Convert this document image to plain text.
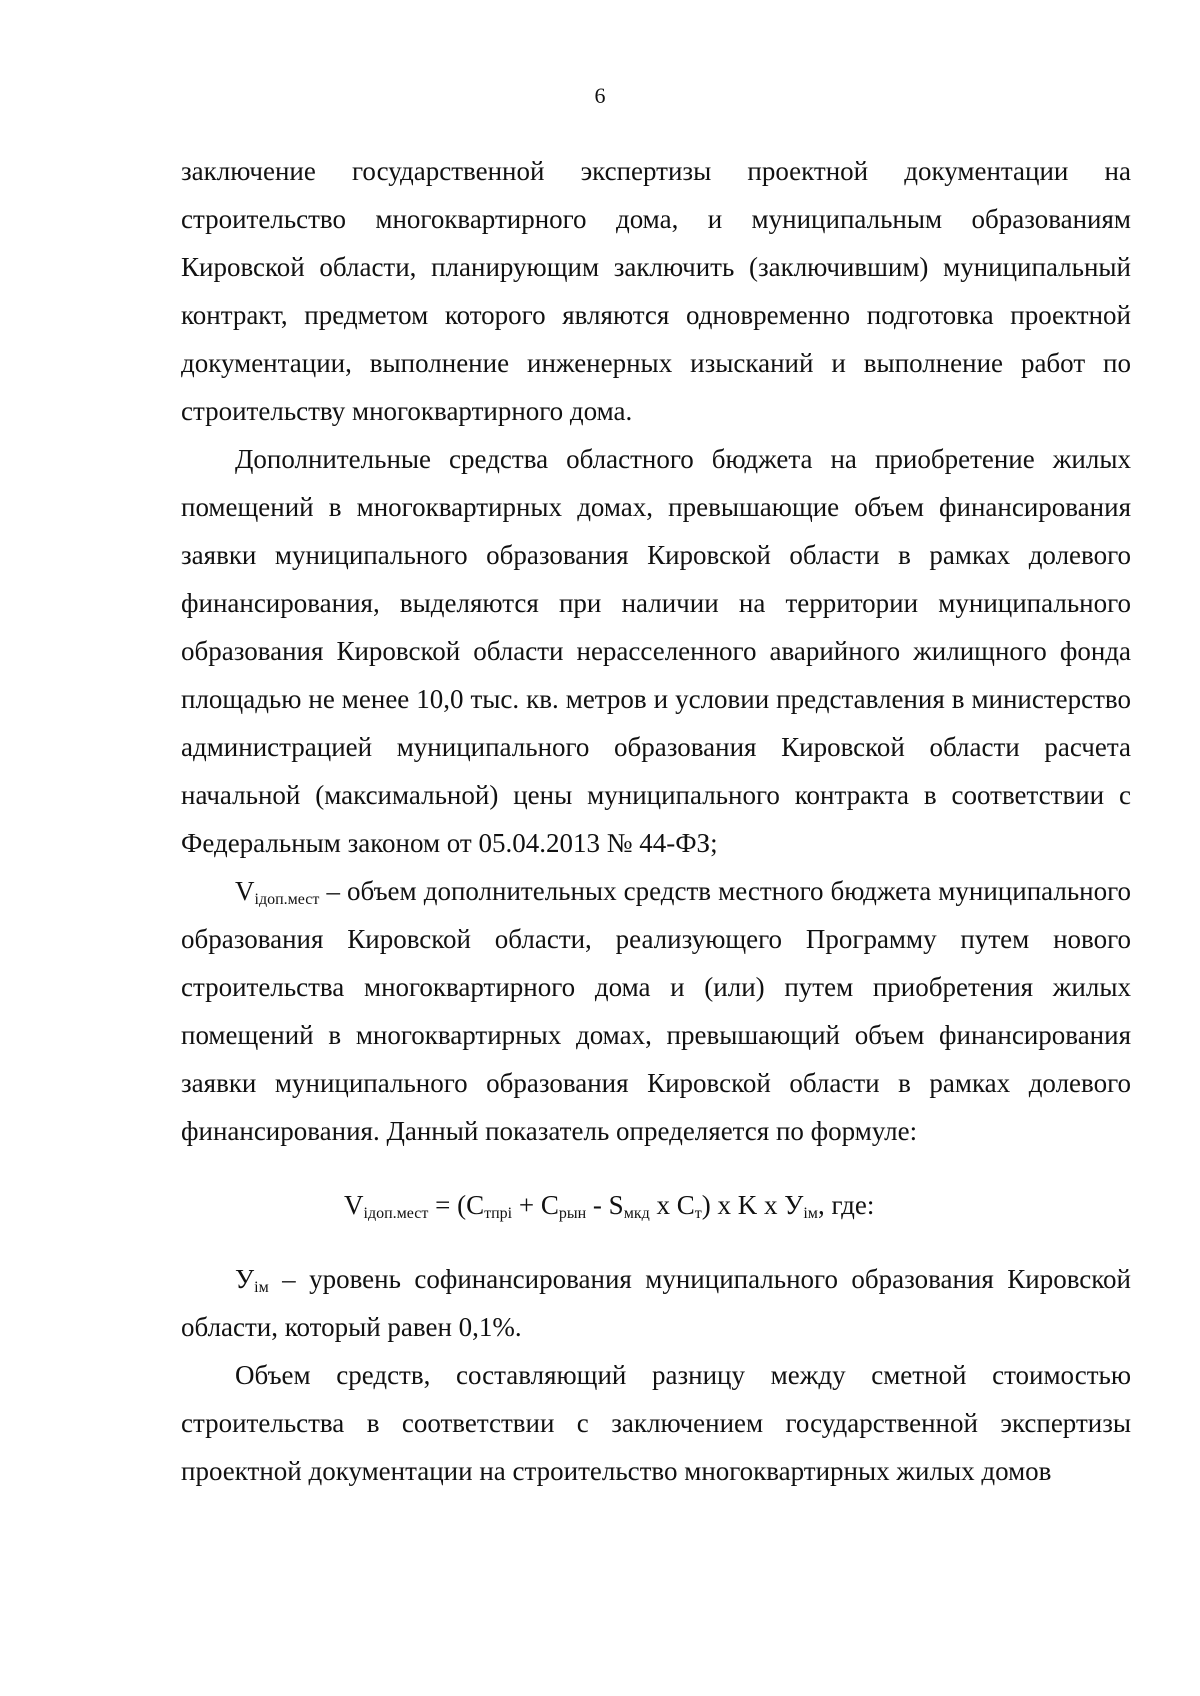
6

заключение государственной экспертизы проектной документации на строительство многоквартирного дома, и муниципальным образованиям Кировской области, планирующим заключить (заключившим) муниципальный контракт, предметом которого являются одновременно подготовка проектной документации, выполнение инженерных изысканий и выполнение работ по строительству многоквартирного дома.

Дополнительные средства областного бюджета на приобретение жилых помещений в многоквартирных домах, превышающие объем финансирования заявки муниципального образования Кировской области в рамках долевого финансирования, выделяются при наличии на территории муниципального образования Кировской области нерасселенного аварийного жилищного фонда площадью не менее 10,0 тыс. кв. метров и условии представления в министерство администрацией муниципального образования Кировской области расчета начальной (максимальной) цены муниципального контракта в соответствии с Федеральным законом от 05.04.2013 № 44-ФЗ;

$V_{iдоп.мест}$ – объем дополнительных средств местного бюджета муниципального образования Кировской области, реализующего Программу путем нового строительства многоквартирного дома и (или) путем приобретения жилых помещений в многоквартирных домах, превышающий объем финансирования заявки муниципального образования Кировской области в рамках долевого финансирования. Данный показатель определяется по формуле:

$V_{iдоп.мест} = (C_{тпрi} + C_{рын} - S_{мкд}$ x $C_т$) x K x $У_{iм}$, где:

$У_{iм}$ – уровень софинансирования муниципального образования Кировской области, который равен 0,1%.

Объем средств, составляющий разницу между сметной стоимостью строительства в соответствии с заключением государственной экспертизы проектной документации на строительство многоквартирных жилых домов
